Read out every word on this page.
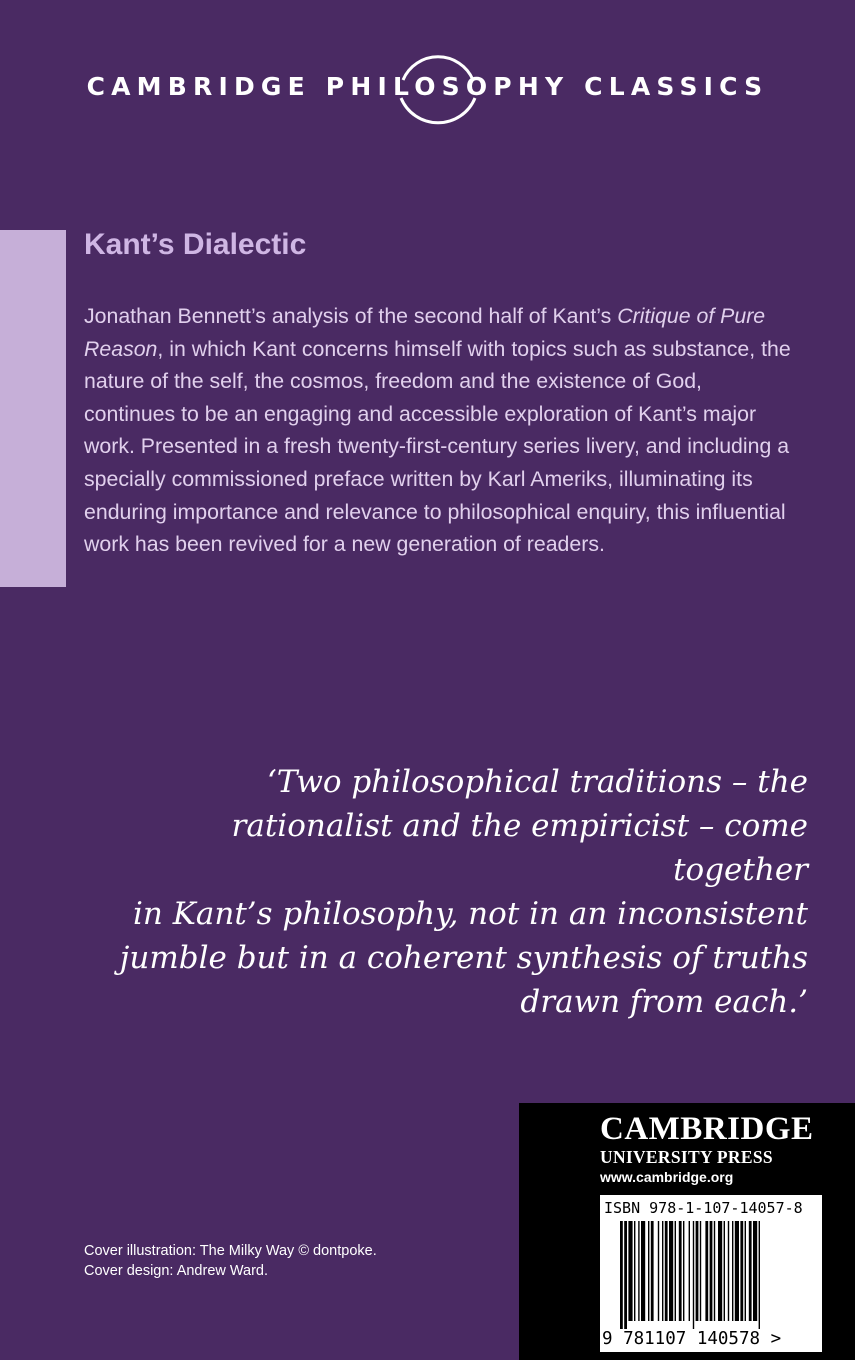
CAMBRIDGE PHILOSOPHY CLASSICS
Kant’s Dialectic

Jonathan Bennett’s analysis of the second half of Kant’s Critique of Pure Reason, in which Kant concerns himself with topics such as substance, the nature of the self, the cosmos, freedom and the existence of God, continues to be an engaging and accessible exploration of Kant’s major work. Presented in a fresh twenty-first-century series livery, and including a specially commissioned preface written by Karl Ameriks, illuminating its enduring importance and relevance to philosophical enquiry, this influential work has been revived for a new generation of readers.

‘Two philosophical traditions – the
rationalist and the empiricist – come together
in Kant’s philosophy, not in an inconsistent
jumble but in a coherent synthesis of truths
drawn from each.’
Cover illustration: The Milky Way © dontpoke.
Cover design: Andrew Ward.
CAMBRIDGE
UNIVERSITY PRESS
www.cambridge.org
ISBN 978-1-107-14057-8
9 781107 140578 >
